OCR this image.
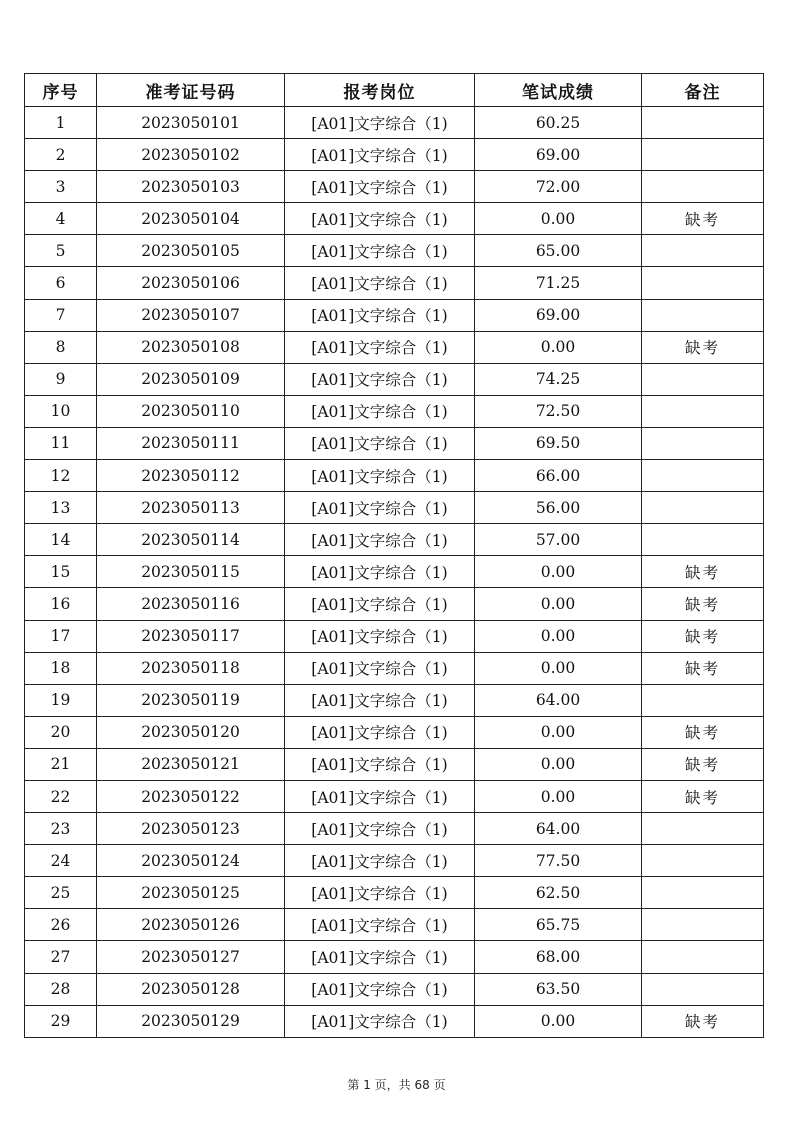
序号	准考证号码	报考岗位	笔试成绩	备注
1	2023050101	[A01]文字综合（1)	60.25	
2	2023050102	[A01]文字综合（1)	69.00	
3	2023050103	[A01]文字综合（1)	72.00	
4	2023050104	[A01]文字综合（1)	0.00	缺考
5	2023050105	[A01]文字综合（1)	65.00	
6	2023050106	[A01]文字综合（1)	71.25	
7	2023050107	[A01]文字综合（1)	69.00	
8	2023050108	[A01]文字综合（1)	0.00	缺考
9	2023050109	[A01]文字综合（1)	74.25	
10	2023050110	[A01]文字综合（1)	72.50	
11	2023050111	[A01]文字综合（1)	69.50	
12	2023050112	[A01]文字综合（1)	66.00	
13	2023050113	[A01]文字综合（1)	56.00	
14	2023050114	[A01]文字综合（1)	57.00	
15	2023050115	[A01]文字综合（1)	0.00	缺考
16	2023050116	[A01]文字综合（1)	0.00	缺考
17	2023050117	[A01]文字综合（1)	0.00	缺考
18	2023050118	[A01]文字综合（1)	0.00	缺考
19	2023050119	[A01]文字综合（1)	64.00	
20	2023050120	[A01]文字综合（1)	0.00	缺考
21	2023050121	[A01]文字综合（1)	0.00	缺考
22	2023050122	[A01]文字综合（1)	0.00	缺考
23	2023050123	[A01]文字综合（1)	64.00	
24	2023050124	[A01]文字综合（1)	77.50	
25	2023050125	[A01]文字综合（1)	62.50	
26	2023050126	[A01]文字综合（1)	65.75	
27	2023050127	[A01]文字综合（1)	68.00	
28	2023050128	[A01]文字综合（1)	63.50	
29	2023050129	[A01]文字综合（1)	0.00	缺考
第 1 页，共 68 页
